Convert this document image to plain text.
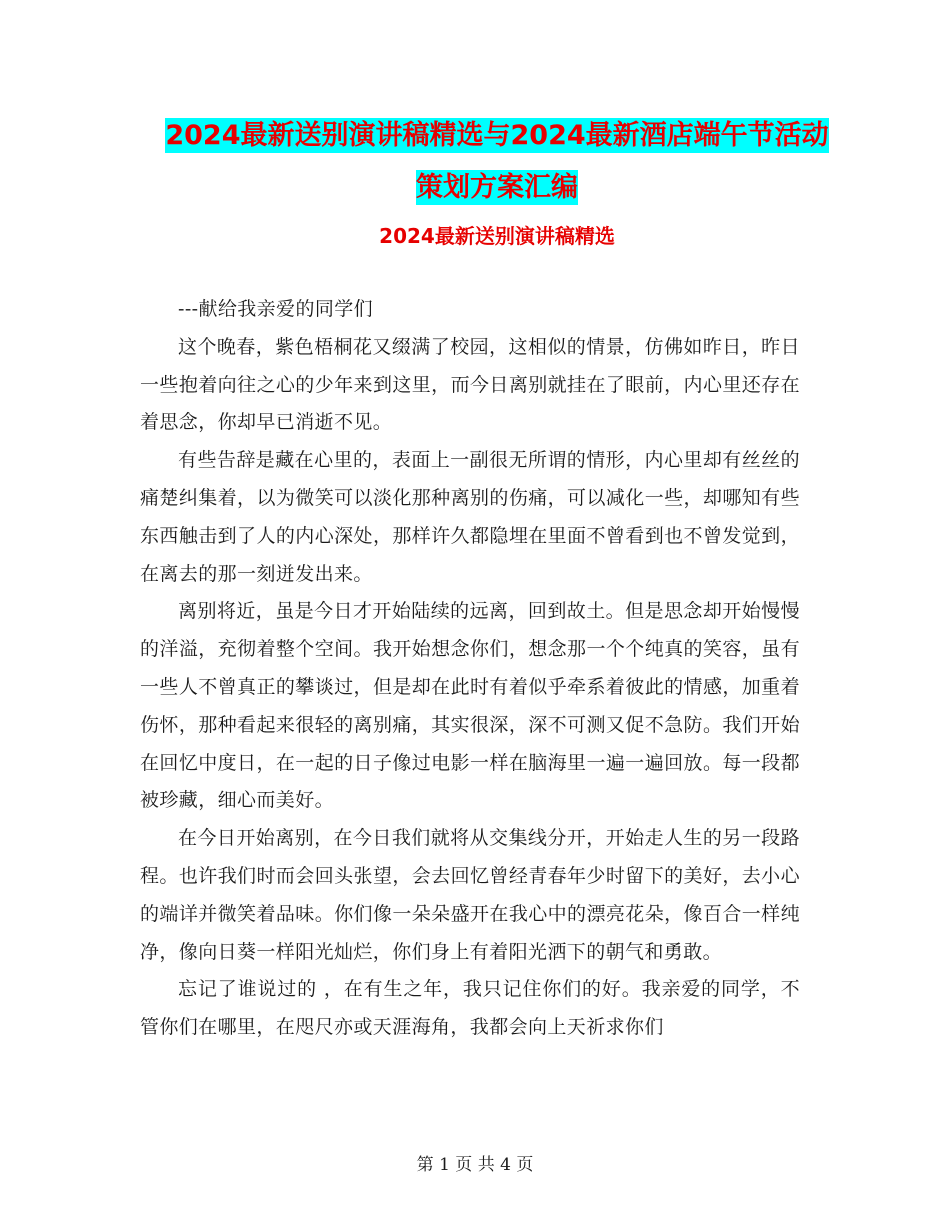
2024最新送别演讲稿精选与2024最新酒店端午节活动
策划方案汇编
2024最新送别演讲稿精选

---献给我亲爱的同学们

这个晚春，紫色梧桐花又缀满了校园，这相似的情景，仿佛如昨日，昨日一些抱着向往之心的少年来到这里，而今日离别就挂在了眼前，内心里还存在着思念，你却早已消逝不见。

有些告辞是藏在心里的，表面上一副很无所谓的情形，内心里却有丝丝的痛楚纠集着，以为微笑可以淡化那种离别的伤痛，可以减化一些，却哪知有些东西触击到了人的内心深处，那样许久都隐埋在里面不曾看到也不曾发觉到，在离去的那一刻迸发出来。

离别将近，虽是今日才开始陆续的远离，回到故土。但是思念却开始慢慢的洋溢，充彻着整个空间。我开始想念你们，想念那一个个纯真的笑容，虽有一些人不曾真正的攀谈过，但是却在此时有着似乎牵系着彼此的情感，加重着伤怀，那种看起来很轻的离别痛，其实很深，深不可测又促不急防。我们开始在回忆中度日，在一起的日子像过电影一样在脑海里一遍一遍回放。每一段都被珍藏，细心而美好。

在今日开始离别，在今日我们就将从交集线分开，开始走人生的另一段路程。也许我们时而会回头张望，会去回忆曾经青春年少时留下的美好，去小心的端详并微笑着品味。你们像一朵朵盛开在我心中的漂亮花朵，像百合一样纯净，像向日葵一样阳光灿烂，你们身上有着阳光洒下的朝气和勇敢。

忘记了谁说过的 ，在有生之年，我只记住你们的好。我亲爱的同学，不管你们在哪里，在咫尺亦或天涯海角，我都会向上天祈求你们

第 1 页 共 4 页
